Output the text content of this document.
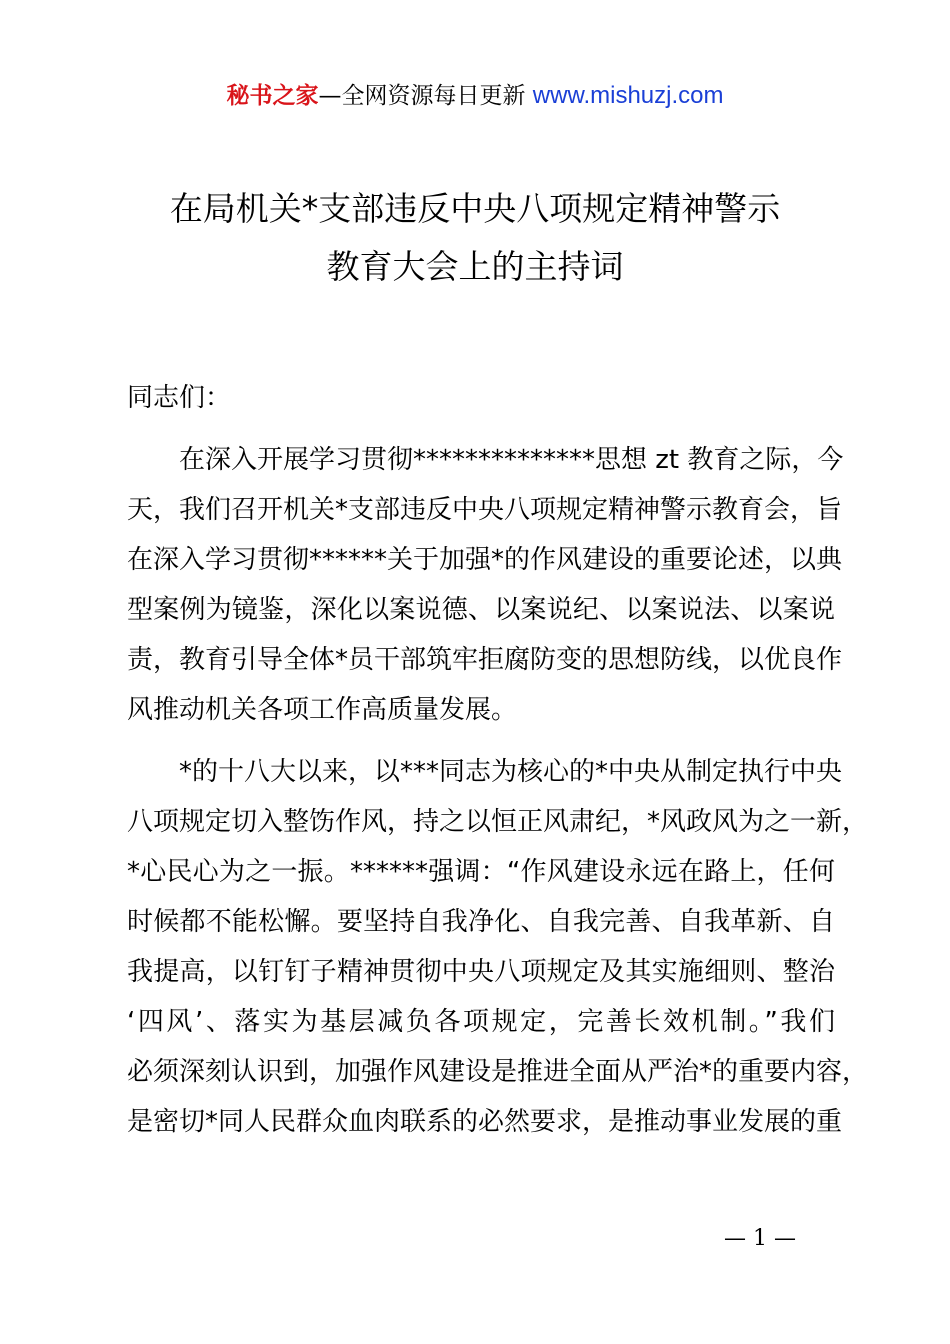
秘书之家—全网资源每日更新 www.mishuzj.com
在局机关*支部违反中央八项规定精神警示
教育大会上的主持词
同志们：
　　在深入开展学习贯彻**************思想 zt 教育之际，今
天，我们召开机关*支部违反中央八项规定精神警示教育会，旨
在深入学习贯彻******关于加强*的作风建设的重要论述，以典
型案例为镜鉴，深化以案说德、以案说纪、以案说法、以案说
责，教育引导全体*员干部筑牢拒腐防变的思想防线，以优良作
风推动机关各项工作高质量发展。
　　*的十八大以来，以***同志为核心的*中央从制定执行中央
八项规定切入整饬作风，持之以恒正风肃纪，*风政风为之一新，
*心民心为之一振。******强调：“作风建设永远在路上，任何
时候都不能松懈。要坚持自我净化、自我完善、自我革新、自
我提高，以钉钉子精神贯彻中央八项规定及其实施细则、整治
‘四风’、落实为基层减负各项规定，完善长效机制。”我们
必须深刻认识到，加强作风建设是推进全面从严治*的重要内容，
是密切*同人民群众血肉联系的必然要求，是推动事业发展的重
— 1 —
